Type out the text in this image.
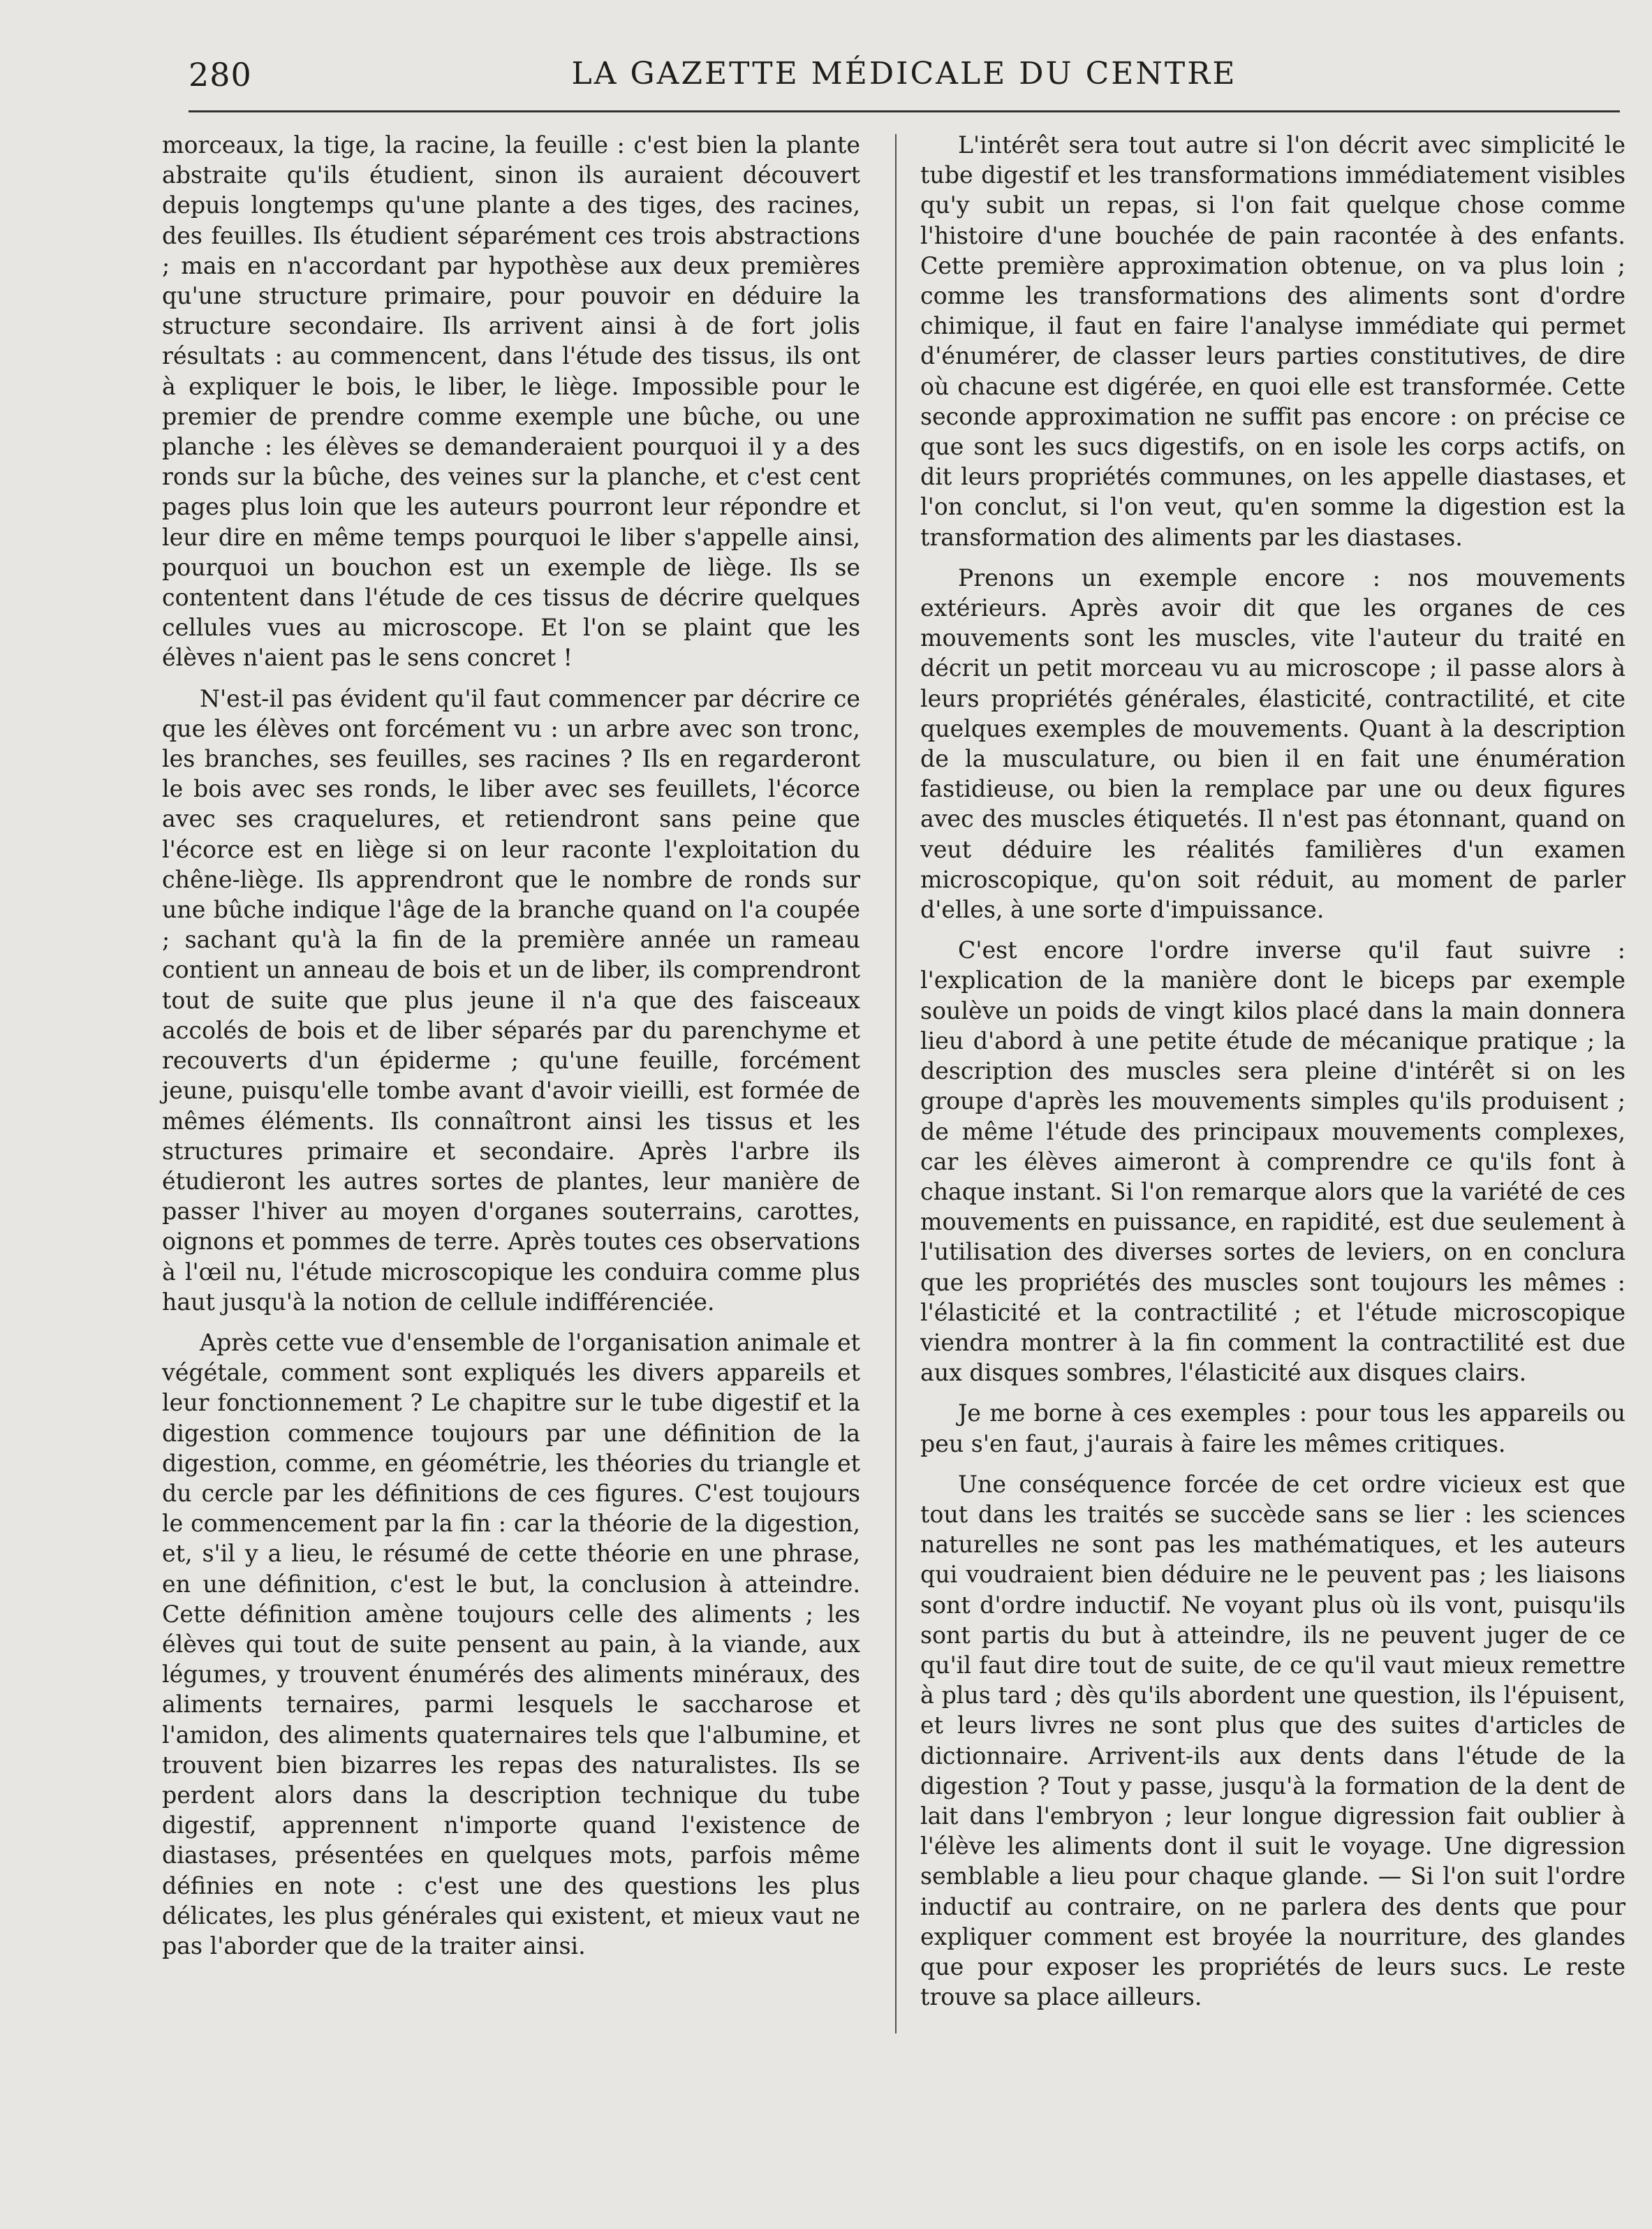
280	LA GAZETTE MÉDICALE DU CENTRE

morceaux, la tige, la racine, la feuille : c'est bien la plante abstraite qu'ils étudient, sinon ils auraient découvert depuis longtemps qu'une plante a des tiges, des racines, des feuilles. Ils étudient séparément ces trois abstractions ; mais en n'accordant par hypothèse aux deux premières qu'une structure primaire, pour pouvoir en déduire la structure secondaire. Ils arrivent ainsi à de fort jolis résultats : au commencent, dans l'étude des tissus, ils ont à expliquer le bois, le liber, le liège. Impossible pour le premier de prendre comme exemple une bûche, ou une planche : les élèves se demanderaient pourquoi il y a des ronds sur la bûche, des veines sur la planche, et c'est cent pages plus loin que les auteurs pourront leur répondre et leur dire en même temps pourquoi le liber s'appelle ainsi, pourquoi un bouchon est un exemple de liège. Ils se contentent dans l'étude de ces tissus de décrire quelques cellules vues au microscope. Et l'on se plaint que les élèves n'aient pas le sens concret !

N'est-il pas évident qu'il faut commencer par décrire ce que les élèves ont forcément vu : un arbre avec son tronc, les branches, ses feuilles, ses racines ? Ils en regarderont le bois avec ses ronds, le liber avec ses feuillets, l'écorce avec ses craquelures, et retiendront sans peine que l'écorce est en liège si on leur raconte l'exploitation du chêne-liège. Ils apprendront que le nombre de ronds sur une bûche indique l'âge de la branche quand on l'a coupée ; sachant qu'à la fin de la première année un rameau contient un anneau de bois et un de liber, ils comprendront tout de suite que plus jeune il n'a que des faisceaux accolés de bois et de liber séparés par du parenchyme et recouverts d'un épiderme ; qu'une feuille, forcément jeune, puisqu'elle tombe avant d'avoir vieilli, est formée de mêmes éléments. Ils connaîtront ainsi les tissus et les structures primaire et secondaire. Après l'arbre ils étudieront les autres sortes de plantes, leur manière de passer l'hiver au moyen d'organes souterrains, carottes, oignons et pommes de terre. Après toutes ces observations à l'œil nu, l'étude microscopique les conduira comme plus haut jusqu'à la notion de cellule indifférenciée.

Après cette vue d'ensemble de l'organisation animale et végétale, comment sont expliqués les divers appareils et leur fonctionnement ? Le chapitre sur le tube digestif et la digestion commence toujours par une définition de la digestion, comme, en géométrie, les théories du triangle et du cercle par les définitions de ces figures. C'est toujours le commencement par la fin : car la théorie de la digestion, et, s'il y a lieu, le résumé de cette théorie en une phrase, en une définition, c'est le but, la conclusion à atteindre. Cette définition amène toujours celle des aliments ; les élèves qui tout de suite pensent au pain, à la viande, aux légumes, y trouvent énumérés des aliments minéraux, des aliments ternaires, parmi lesquels le saccharose et l'amidon, des aliments quaternaires tels que l'albumine, et trouvent bien bizarres les repas des naturalistes. Ils se perdent alors dans la description technique du tube digestif, apprennent n'importe quand l'existence de diastases, présentées en quelques mots, parfois même définies en note : c'est une des questions les plus délicates, les plus générales qui existent, et mieux vaut ne pas l'aborder que de la traiter ainsi.

L'intérêt sera tout autre si l'on décrit avec simplicité le tube digestif et les transformations immédiatement visibles qu'y subit un repas, si l'on fait quelque chose comme l'histoire d'une bouchée de pain racontée à des enfants. Cette première approximation obtenue, on va plus loin ; comme les transformations des aliments sont d'ordre chimique, il faut en faire l'analyse immédiate qui permet d'énumérer, de classer leurs parties constitutives, de dire où chacune est digérée, en quoi elle est transformée. Cette seconde approximation ne suffit pas encore : on précise ce que sont les sucs digestifs, on en isole les corps actifs, on dit leurs propriétés communes, on les appelle diastases, et l'on conclut, si l'on veut, qu'en somme la digestion est la transformation des aliments par les diastases.

Prenons un exemple encore : nos mouvements extérieurs. Après avoir dit que les organes de ces mouvements sont les muscles, vite l'auteur du traité en décrit un petit morceau vu au microscope ; il passe alors à leurs propriétés générales, élasticité, contractilité, et cite quelques exemples de mouvements. Quant à la description de la musculature, ou bien il en fait une énumération fastidieuse, ou bien la remplace par une ou deux figures avec des muscles étiquetés. Il n'est pas étonnant, quand on veut déduire les réalités familières d'un examen microscopique, qu'on soit réduit, au moment de parler d'elles, à une sorte d'impuissance.

C'est encore l'ordre inverse qu'il faut suivre : l'explication de la manière dont le biceps par exemple soulève un poids de vingt kilos placé dans la main donnera lieu d'abord à une petite étude de mécanique pratique ; la description des muscles sera pleine d'intérêt si on les groupe d'après les mouvements simples qu'ils produisent ; de même l'étude des principaux mouvements complexes, car les élèves aimeront à comprendre ce qu'ils font à chaque instant. Si l'on remarque alors que la variété de ces mouvements en puissance, en rapidité, est due seulement à l'utilisation des diverses sortes de leviers, on en conclura que les propriétés des muscles sont toujours les mêmes : l'élasticité et la contractilité ; et l'étude microscopique viendra montrer à la fin comment la contractilité est due aux disques sombres, l'élasticité aux disques clairs.

Je me borne à ces exemples : pour tous les appareils ou peu s'en faut, j'aurais à faire les mêmes critiques.

Une conséquence forcée de cet ordre vicieux est que tout dans les traités se succède sans se lier : les sciences naturelles ne sont pas les mathématiques, et les auteurs qui voudraient bien déduire ne le peuvent pas ; les liaisons sont d'ordre inductif. Ne voyant plus où ils vont, puisqu'ils sont partis du but à atteindre, ils ne peuvent juger de ce qu'il faut dire tout de suite, de ce qu'il vaut mieux remettre à plus tard ; dès qu'ils abordent une question, ils l'épuisent, et leurs livres ne sont plus que des suites d'articles de dictionnaire. Arrivent-ils aux dents dans l'étude de la digestion ? Tout y passe, jusqu'à la formation de la dent de lait dans l'embryon ; leur longue digression fait oublier à l'élève les aliments dont il suit le voyage. Une digression semblable a lieu pour chaque glande. — Si l'on suit l'ordre inductif au contraire, on ne parlera des dents que pour expliquer comment est broyée la nourriture, des glandes que pour exposer les propriétés de leurs sucs. Le reste trouve sa place ailleurs.
